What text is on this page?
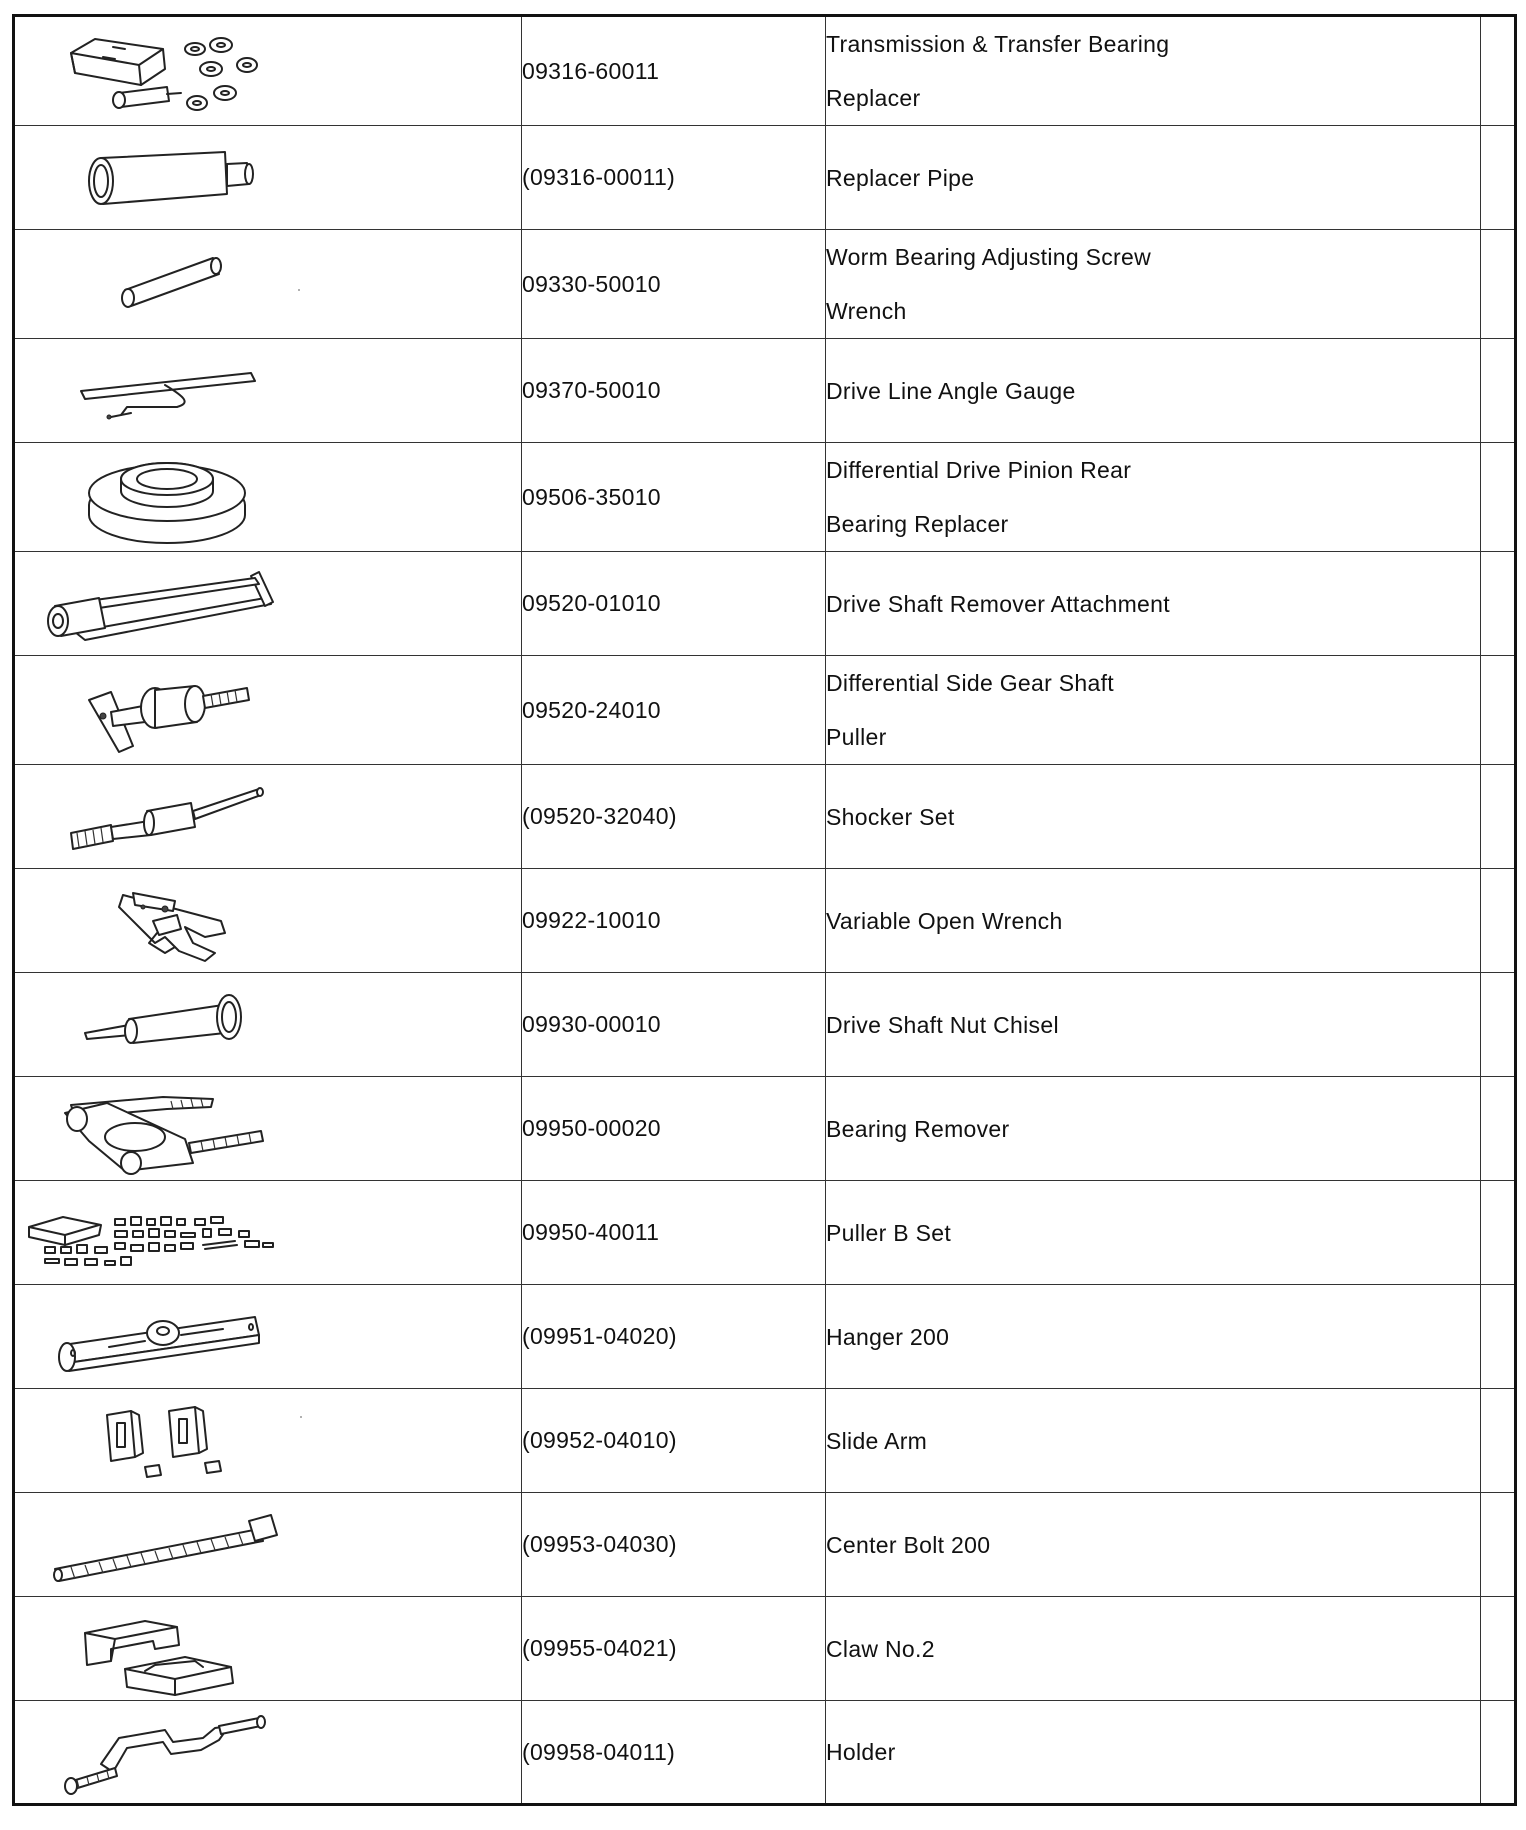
	09316-60011	Transmission & Transfer Bearing
Replacer	

	(09316-00011)	Replacer Pipe	

	09330-50010	Worm Bearing Adjusting Screw
Wrench	

	09370-50010	Drive Line Angle Gauge	

	09506-35010	Differential Drive Pinion Rear
Bearing Replacer	

	09520-01010	Drive Shaft Remover Attachment	

	09520-24010	Differential Side Gear Shaft
Puller	

	(09520-32040)	Shocker Set	

	09922-10010	Variable Open Wrench	

	09930-00010	Drive Shaft Nut Chisel	

	09950-00020	Bearing Remover	

	09950-40011	Puller B Set	

	(09951-04020)	Hanger 200	

	(09952-04010)	Slide Arm	

	(09953-04030)	Center Bolt 200	

	(09955-04021)	Claw No.2	

	(09958-04011)	Holder	
